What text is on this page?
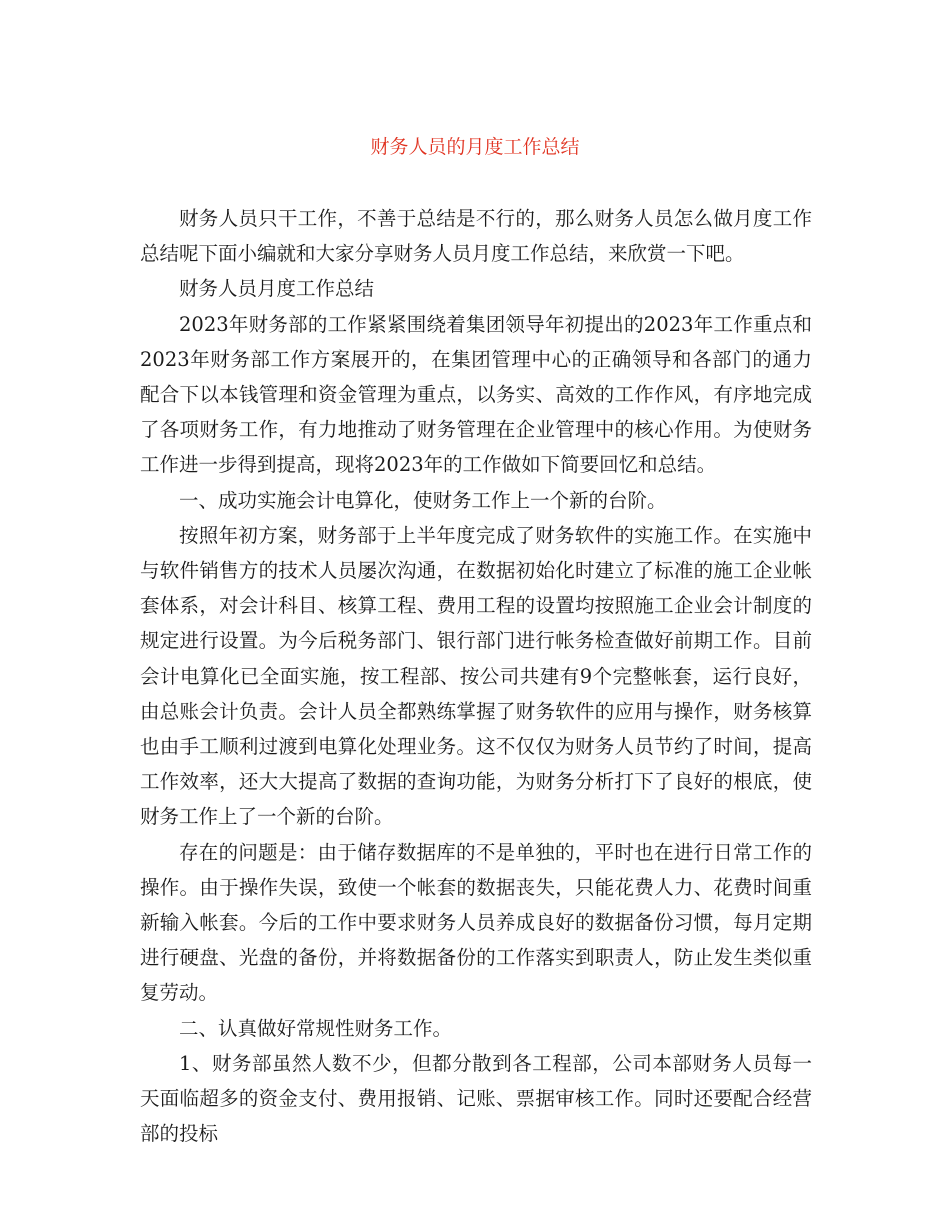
财务人员的月度工作总结

财务人员只干工作，不善于总结是不行的，那么财务人员怎么做月度工作总结呢下面小编就和大家分享财务人员月度工作总结，来欣赏一下吧。

财务人员月度工作总结

2023年财务部的工作紧紧围绕着集团领导年初提出的2023年工作重点和2023年财务部工作方案展开的，在集团管理中心的正确领导和各部门的通力配合下以本钱管理和资金管理为重点，以务实、高效的工作作风，有序地完成了各项财务工作，有力地推动了财务管理在企业管理中的核心作用。为使财务工作进一步得到提高，现将2023年的工作做如下简要回忆和总结。

一、成功实施会计电算化，使财务工作上一个新的台阶。

按照年初方案，财务部于上半年度完成了财务软件的实施工作。在实施中与软件销售方的技术人员屡次沟通，在数据初始化时建立了标准的施工企业帐套体系，对会计科目、核算工程、费用工程的设置均按照施工企业会计制度的规定进行设置。为今后税务部门、银行部门进行帐务检查做好前期工作。目前会计电算化已全面实施，按工程部、按公司共建有9个完整帐套，运行良好，由总账会计负责。会计人员全都熟练掌握了财务软件的应用与操作，财务核算也由手工顺利过渡到电算化处理业务。这不仅仅为财务人员节约了时间，提高工作效率，还大大提高了数据的查询功能，为财务分析打下了良好的根底，使财务工作上了一个新的台阶。

存在的问题是：由于储存数据库的不是单独的，平时也在进行日常工作的操作。由于操作失误，致使一个帐套的数据丧失，只能花费人力、花费时间重新输入帐套。今后的工作中要求财务人员养成良好的数据备份习惯，每月定期进行硬盘、光盘的备份，并将数据备份的工作落实到职责人，防止发生类似重复劳动。

二、认真做好常规性财务工作。

1、财务部虽然人数不少，但都分散到各工程部，公司本部财务人员每一天面临超多的资金支付、费用报销、记账、票据审核工作。同时还要配合经营部的投标
